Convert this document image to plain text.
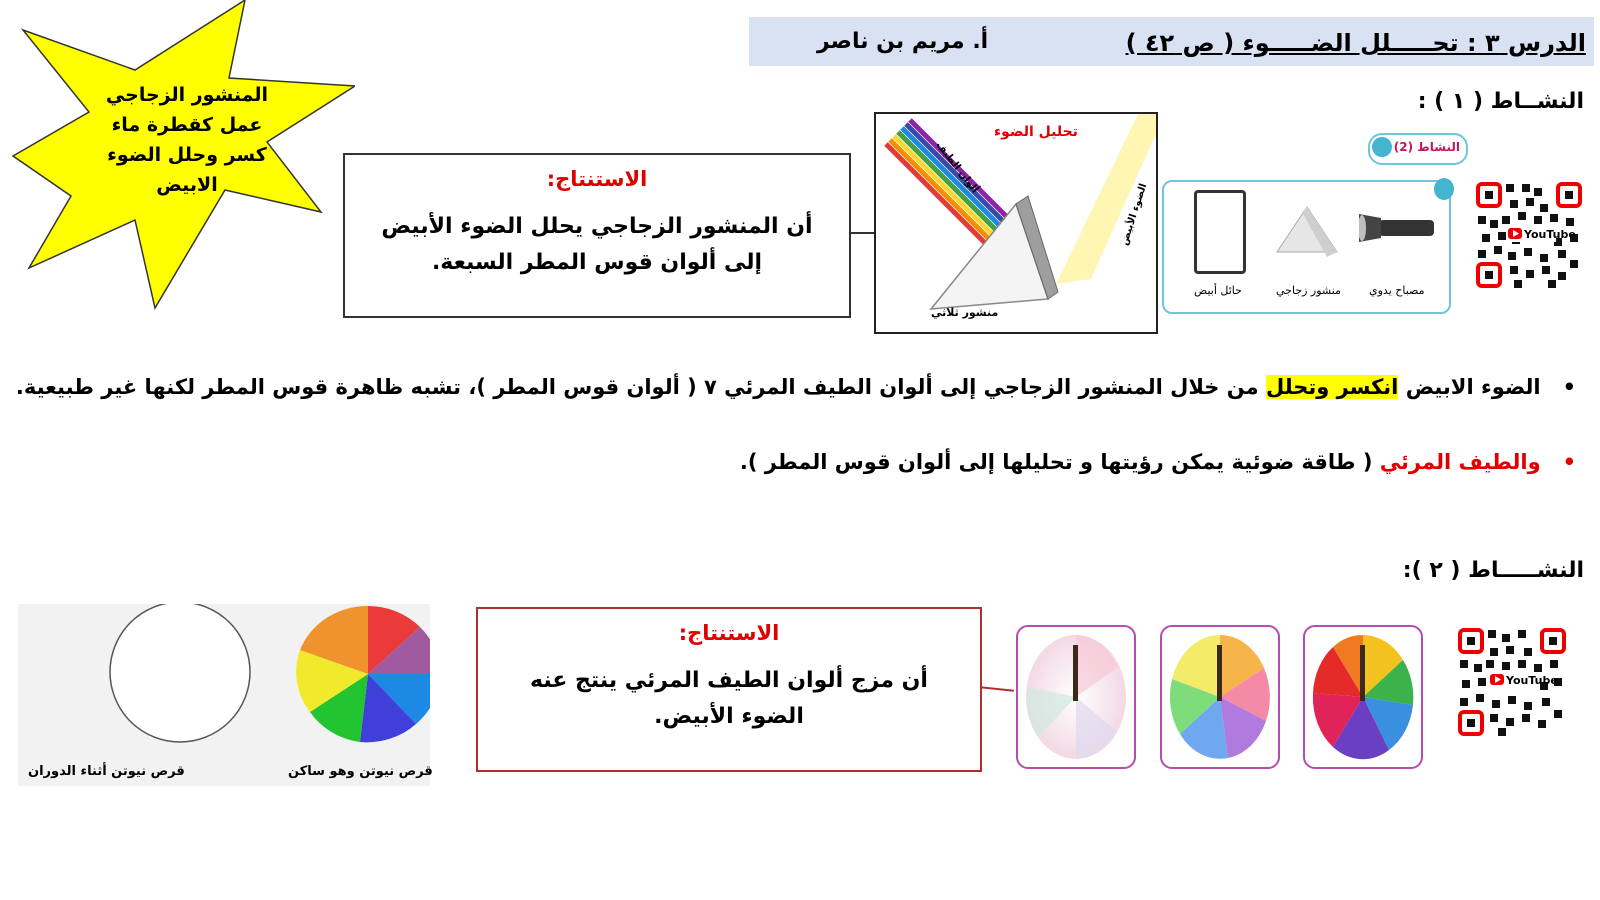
المنشور الزجاجي
عمل كقطرة ماء
كسر وحلل الضوء
الابيض
الدرس ٣ : تحـــــلل الضـــــوء ( ص ٤٢ )
أ. مريم بن ناصر
النشــاط ( ١ ) :
الاستنتاج:
أن المنشور الزجاجي يحلل الضوء الأبيض إلى ألوان قوس المطر السبعة.
تحليل الضوء
ألوان الطيف
الضوء الأبيض
منشور ثلاثي
النشاط (2)
مصباح يدوي
منشور زجاجي
حائل أبيض
YouTube
•   الضوء الابيض انكسر وتحلل من خلال المنشور الزجاجي إلى ألوان الطيف المرئي ٧ ( ألوان قوس المطر )، تشبه ظاهرة قوس المطر لكنها غير طبيعية.
•   والطيف المرئي ( طاقة ضوئية يمكن رؤيتها و تحليلها إلى ألوان قوس المطر ).
النشـــــاط ( ٢ ):
قرص نيوتن أثناء الدوران	قرص نيوتن وهو ساكن
الاستنتاج:
أن مزج ألوان الطيف المرئي ينتج عنه الضوء الأبيض.
YouTube
